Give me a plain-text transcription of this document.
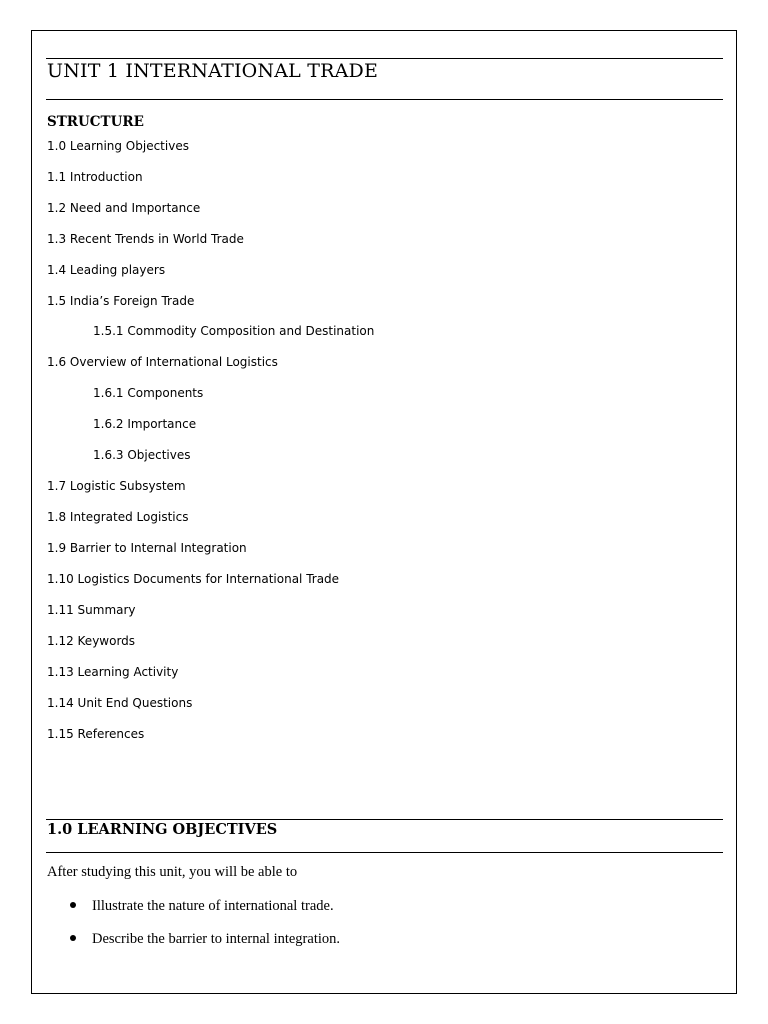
UNIT 1 INTERNATIONAL TRADE
STRUCTURE
1.0 Learning Objectives
1.1 Introduction
1.2 Need and Importance
1.3 Recent Trends in World Trade
1.4 Leading players
1.5 India’s Foreign Trade
1.5.1 Commodity Composition and Destination
1.6 Overview of International Logistics
1.6.1 Components
1.6.2 Importance
1.6.3 Objectives
1.7 Logistic Subsystem
1.8 Integrated Logistics
1.9 Barrier to Internal Integration
1.10 Logistics Documents for International Trade
1.11 Summary
1.12 Keywords
1.13 Learning Activity
1.14 Unit End Questions
1.15 References
1.0 LEARNING OBJECTIVES

After studying this unit, you will be able to

Illustrate the nature of international trade.
Describe the barrier to internal integration.
